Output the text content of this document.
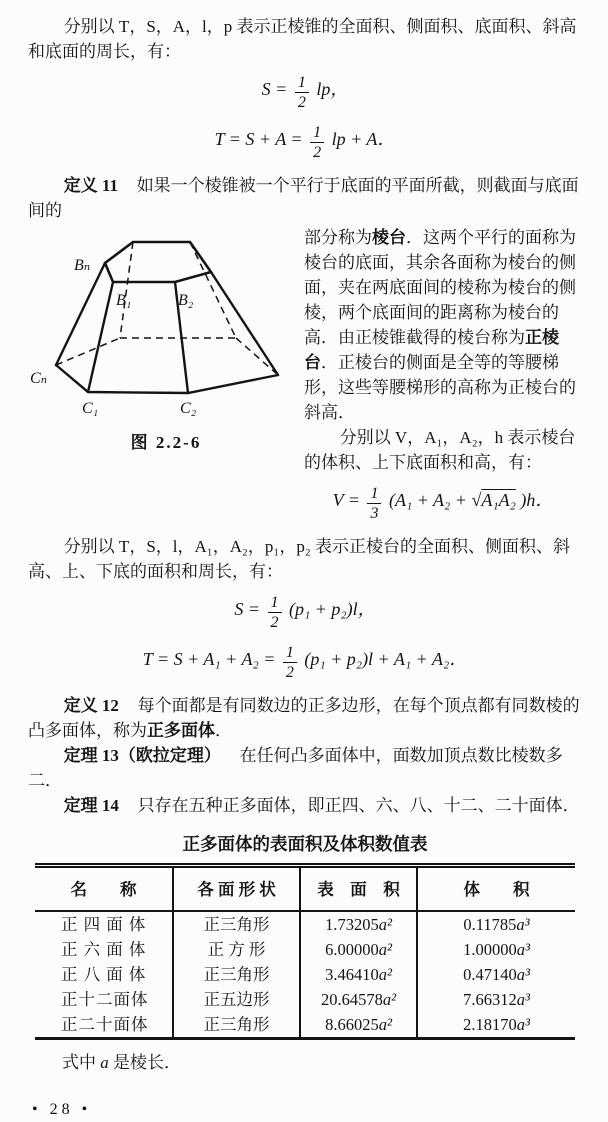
分别以 T，S，A，l，p 表示正棱锥的全面积、侧面积、底面积、斜高和底面的周长，有：

$S = \frac{1}{2}$ lp，
$T = S + A = \frac{1}{2}$ lp + A．

定义 11 如果一个棱锥被一个平行于底面的平面所截，则截面与底面间的

Bₙ
B₁	B₂
Cₙ
C₁	C₂
图 2.2-6

部分称为棱台．这两个平行的面称为棱台的底面，其余各面称为棱台的侧面，夹在两底面间的棱称为棱台的侧棱，两个底面间的距离称为棱台的高．由正棱锥截得的棱台称为正棱台．正棱台的侧面是全等的等腰梯形，这些等腰梯形的高称为正棱台的斜高．

分别以 V，A₁，A₂，h 表示棱台的体积、上下底面积和高，有：

$V = \frac{1}{3} (A_1 + A_2 + √A_1A_2$ )h．

分别以 T，S，l，A₁，A₂，p₁，p₂ 表示正棱台的全面积、侧面积、斜高、上、下底的面积和周长，有：

$S = \frac{1}{2} (p_1 + p_2)l$，
$T = S + A_1 + A_2 = \frac{1}{2} (p_1 + p_2)l + A_1 + A_2$．

定义 12 每个面都是有同数边的正多边形，在每个顶点都有同数棱的凸多面体，称为正多面体．

定理 13（欧拉定理） 在任何凸多面体中，面数加顶点数比棱数多二．

定理 14 只存在五种正多面体，即正四、六、八、十二、二十面体．

正多面体的表面积及体积数值表
名　　称	各 面 形 状	表　面　积	体　　积
正 四 面 体	正三角形	1.73205a²	0.11785a³
正 六 面 体	正 方 形	6.00000a²	1.00000a³
正 八 面 体	正三角形	3.46410a²	0.47140a³
正十二面体	正五边形	20.64578a²	7.66312a³
正二十面体	正三角形	8.66025a²	2.18170a³

式中 a 是棱长．

• 28 •
